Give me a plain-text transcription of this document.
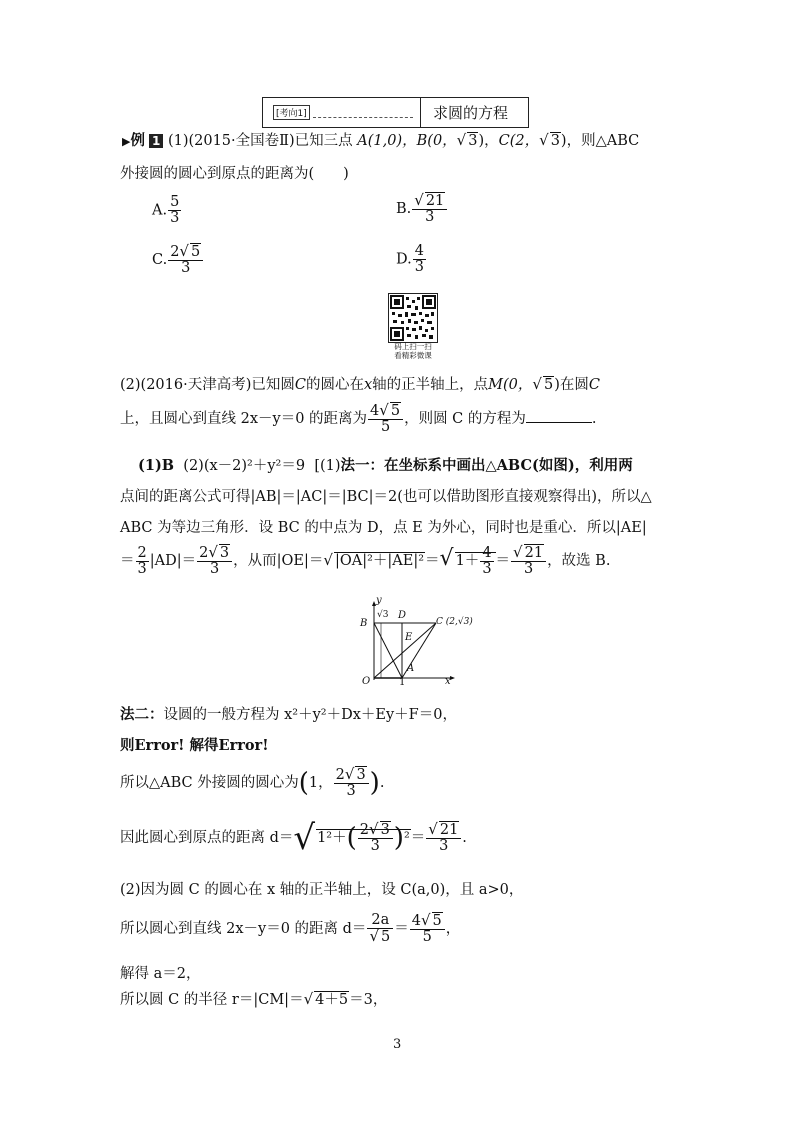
[考向1]	求圆的方程
▶例 1 (1)(2015·全国卷Ⅱ)已知三点 A(1,0)，B(0，√ 3)，C(2，√ 3)，则△ABC
外接圆的圆心到原点的距离为(　　)
A. $\frac{5}{3}$	B. $\frac{√ 21}{3}$
C. $\frac{2√ 5}{3}$	D. $\frac{4}{3}$
码上扫一扫
看精彩微课
(2)(2016·天津高考)已知圆C的圆心在x轴的正半轴上，点M(0，√ 5)在圆C
上，且圆心到直线 2x－y＝0 的距离为 $\frac{4√ 5}{5}$ ，则圆 C 的方程为	.
(1)B (2)(x－2)²＋y²＝9 [(1)法一：在坐标系中画出△ABC(如图)，利用两
点间的距离公式可得|AB|＝|AC|＝|BC|＝2(也可以借助图形直接观察得出)，所以△
ABC 为等边三角形．设 BC 的中点为 D，点 E 为外心，同时也是重心．所以|AE|
＝ $\frac{2}{3} |AD|= \frac{2√ 3}{3}$ ，从而|OE|＝√ |OA|²＋|AE|²＝√ $1+ \frac{4}{3} = \frac{√ 21}{3}$ ，故选 B.
y
√3
B
D
C (2,√3)
E
A
O	1	x
法二：设圆的一般方程为 x²＋y²＋Dx＋Ey＋F＝0，
则Error! 解得Error!
所以△ABC 外接圆的圆心为(1， $\frac{2√ 3}{3}$ ).
因此圆心到原点的距离 d＝√ $1^2+( \frac{2√ 3}{3} )^2= \frac{√ 21}{3}$ .
(2)因为圆 C 的圆心在 x 轴的正半轴上，设 C(a,0)，且 a>0，
所以圆心到直线 2x－y＝0 的距离 $d= \frac{2a}{√ 5} = \frac{4√ 5}{5}$ ，
解得 a＝2，
所以圆 C 的半径 r＝|CM|＝√ 4＋5＝3，
3
